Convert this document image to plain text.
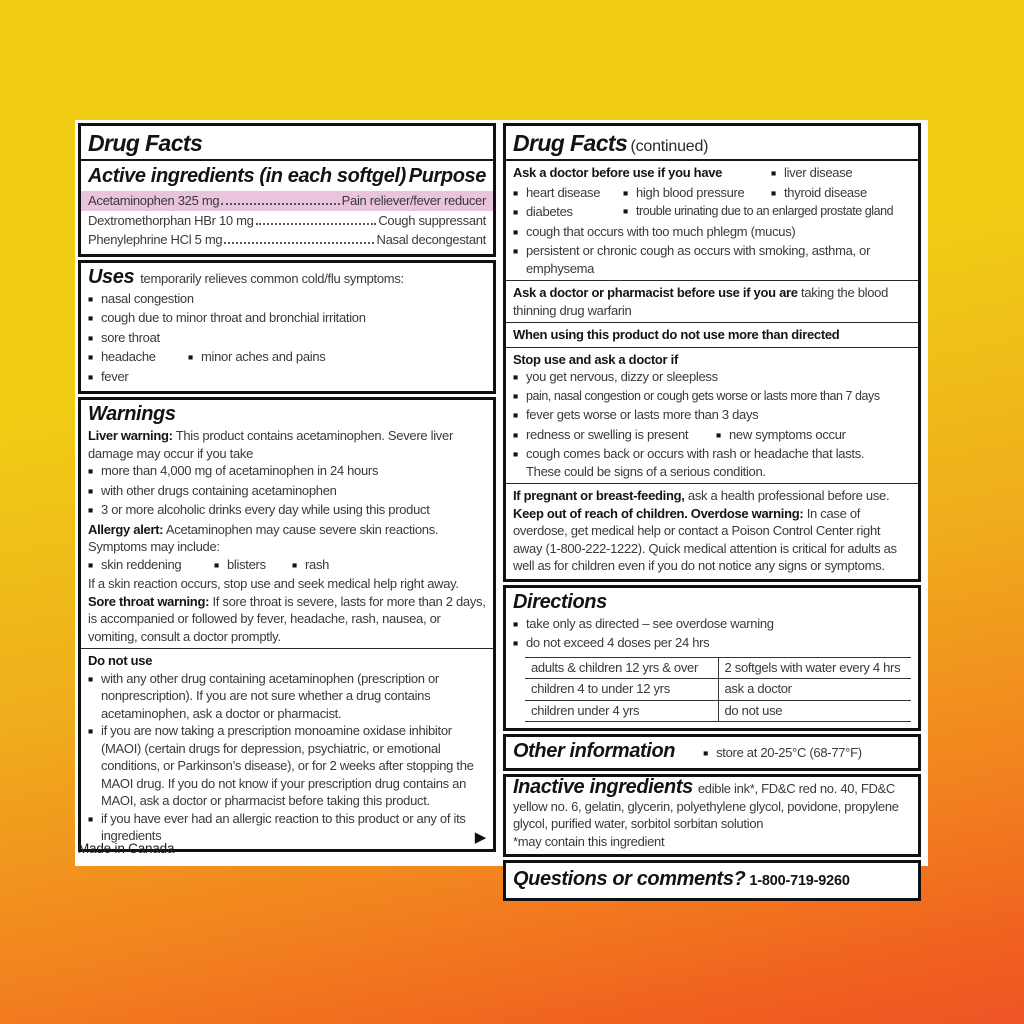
Drug Facts
Active ingredients (in each softgel) Purpose
Acetaminophen 325 mg	Pain reliever/fever reducer
Dextromethorphan HBr 10 mg	Cough suppressant
Phenylephrine HCl 5 mg	Nasal decongestant
Uses temporarily relieves common cold/flu symptoms:
■
nasal congestion
■
cough due to minor throat and bronchial irritation
■
sore throat
■
headache ■	minor aches and pains
■
fever
Warnings
Liver warning: This product contains acetaminophen. Severe liver damage may occur if you take
■
more than 4,000 mg of acetaminophen in 24 hours
■
with other drugs containing acetaminophen
■
3 or more alcoholic drinks every day while using this product
Allergy alert: Acetaminophen may cause severe skin reactions. Symptoms may include:
■
skin reddening ■	blisters ■	rash
If a skin reaction occurs, stop use and seek medical help right away.
Sore throat warning: If sore throat is severe, lasts for more than 2 days, is accompanied or followed by fever, headache, rash, nausea, or vomiting, consult a doctor promptly.
Do not use
■
with any other drug containing acetaminophen (prescription or nonprescription). If you are not sure whether a drug contains acetaminophen, ask a doctor or pharmacist.
■
if you are now taking a prescription monoamine oxidase inhibitor (MAOI) (certain drugs for depression, psychiatric, or emotional conditions, or Parkinson’s disease), or for 2 weeks after stopping the MAOI drug. If you do not know if your prescription drug contains an MAOI, ask a doctor or pharmacist before taking this product.
■
if you have ever had an allergic reaction to this product or any of its ingredients	▶
Drug Facts (continued)
Ask a doctor before use if you have ■	liver disease
■
heart disease ■	high blood pressure ■	thyroid disease
■
diabetes ■	trouble urinating due to an enlarged prostate gland
■
cough that occurs with too much phlegm (mucus)
■
persistent or chronic cough as occurs with smoking, asthma, or emphysema
Ask a doctor or pharmacist before use if you are taking the blood thinning drug warfarin
When using this product do not use more than directed
Stop use and ask a doctor if
■
you get nervous, dizzy or sleepless
■
pain, nasal congestion or cough gets worse or lasts more than 7 days
■
fever gets worse or lasts more than 3 days
■
redness or swelling is present ■	new symptoms occur
■
cough comes back or occurs with rash or headache that lasts.
These could be signs of a serious condition.
If pregnant or breast-feeding, ask a health professional before use. Keep out of reach of children. Overdose warning: In case of overdose, get medical help or contact a Poison Control Center right away (1-800-222-1222). Quick medical attention is critical for adults as well as for children even if you do not notice any signs or symptoms.
Directions
■
take only as directed – see overdose warning
■
do not exceed 4 doses per 24 hrs
adults & children 12 yrs & over	2 softgels with water every 4 hrs
children 4 to under 12 yrs	ask a doctor
children under 4 yrs	do not use
Other information ■	store at 20-25°C (68-77°F)
Inactive ingredients edible ink*, FD&C red no. 40, FD&C yellow no. 6, gelatin, glycerin, polyethylene glycol, povidone, propylene glycol, purified water, sorbitol sorbitan solution
*may contain this ingredient
Questions or comments? 1-800-719-9260
Made in Canada
